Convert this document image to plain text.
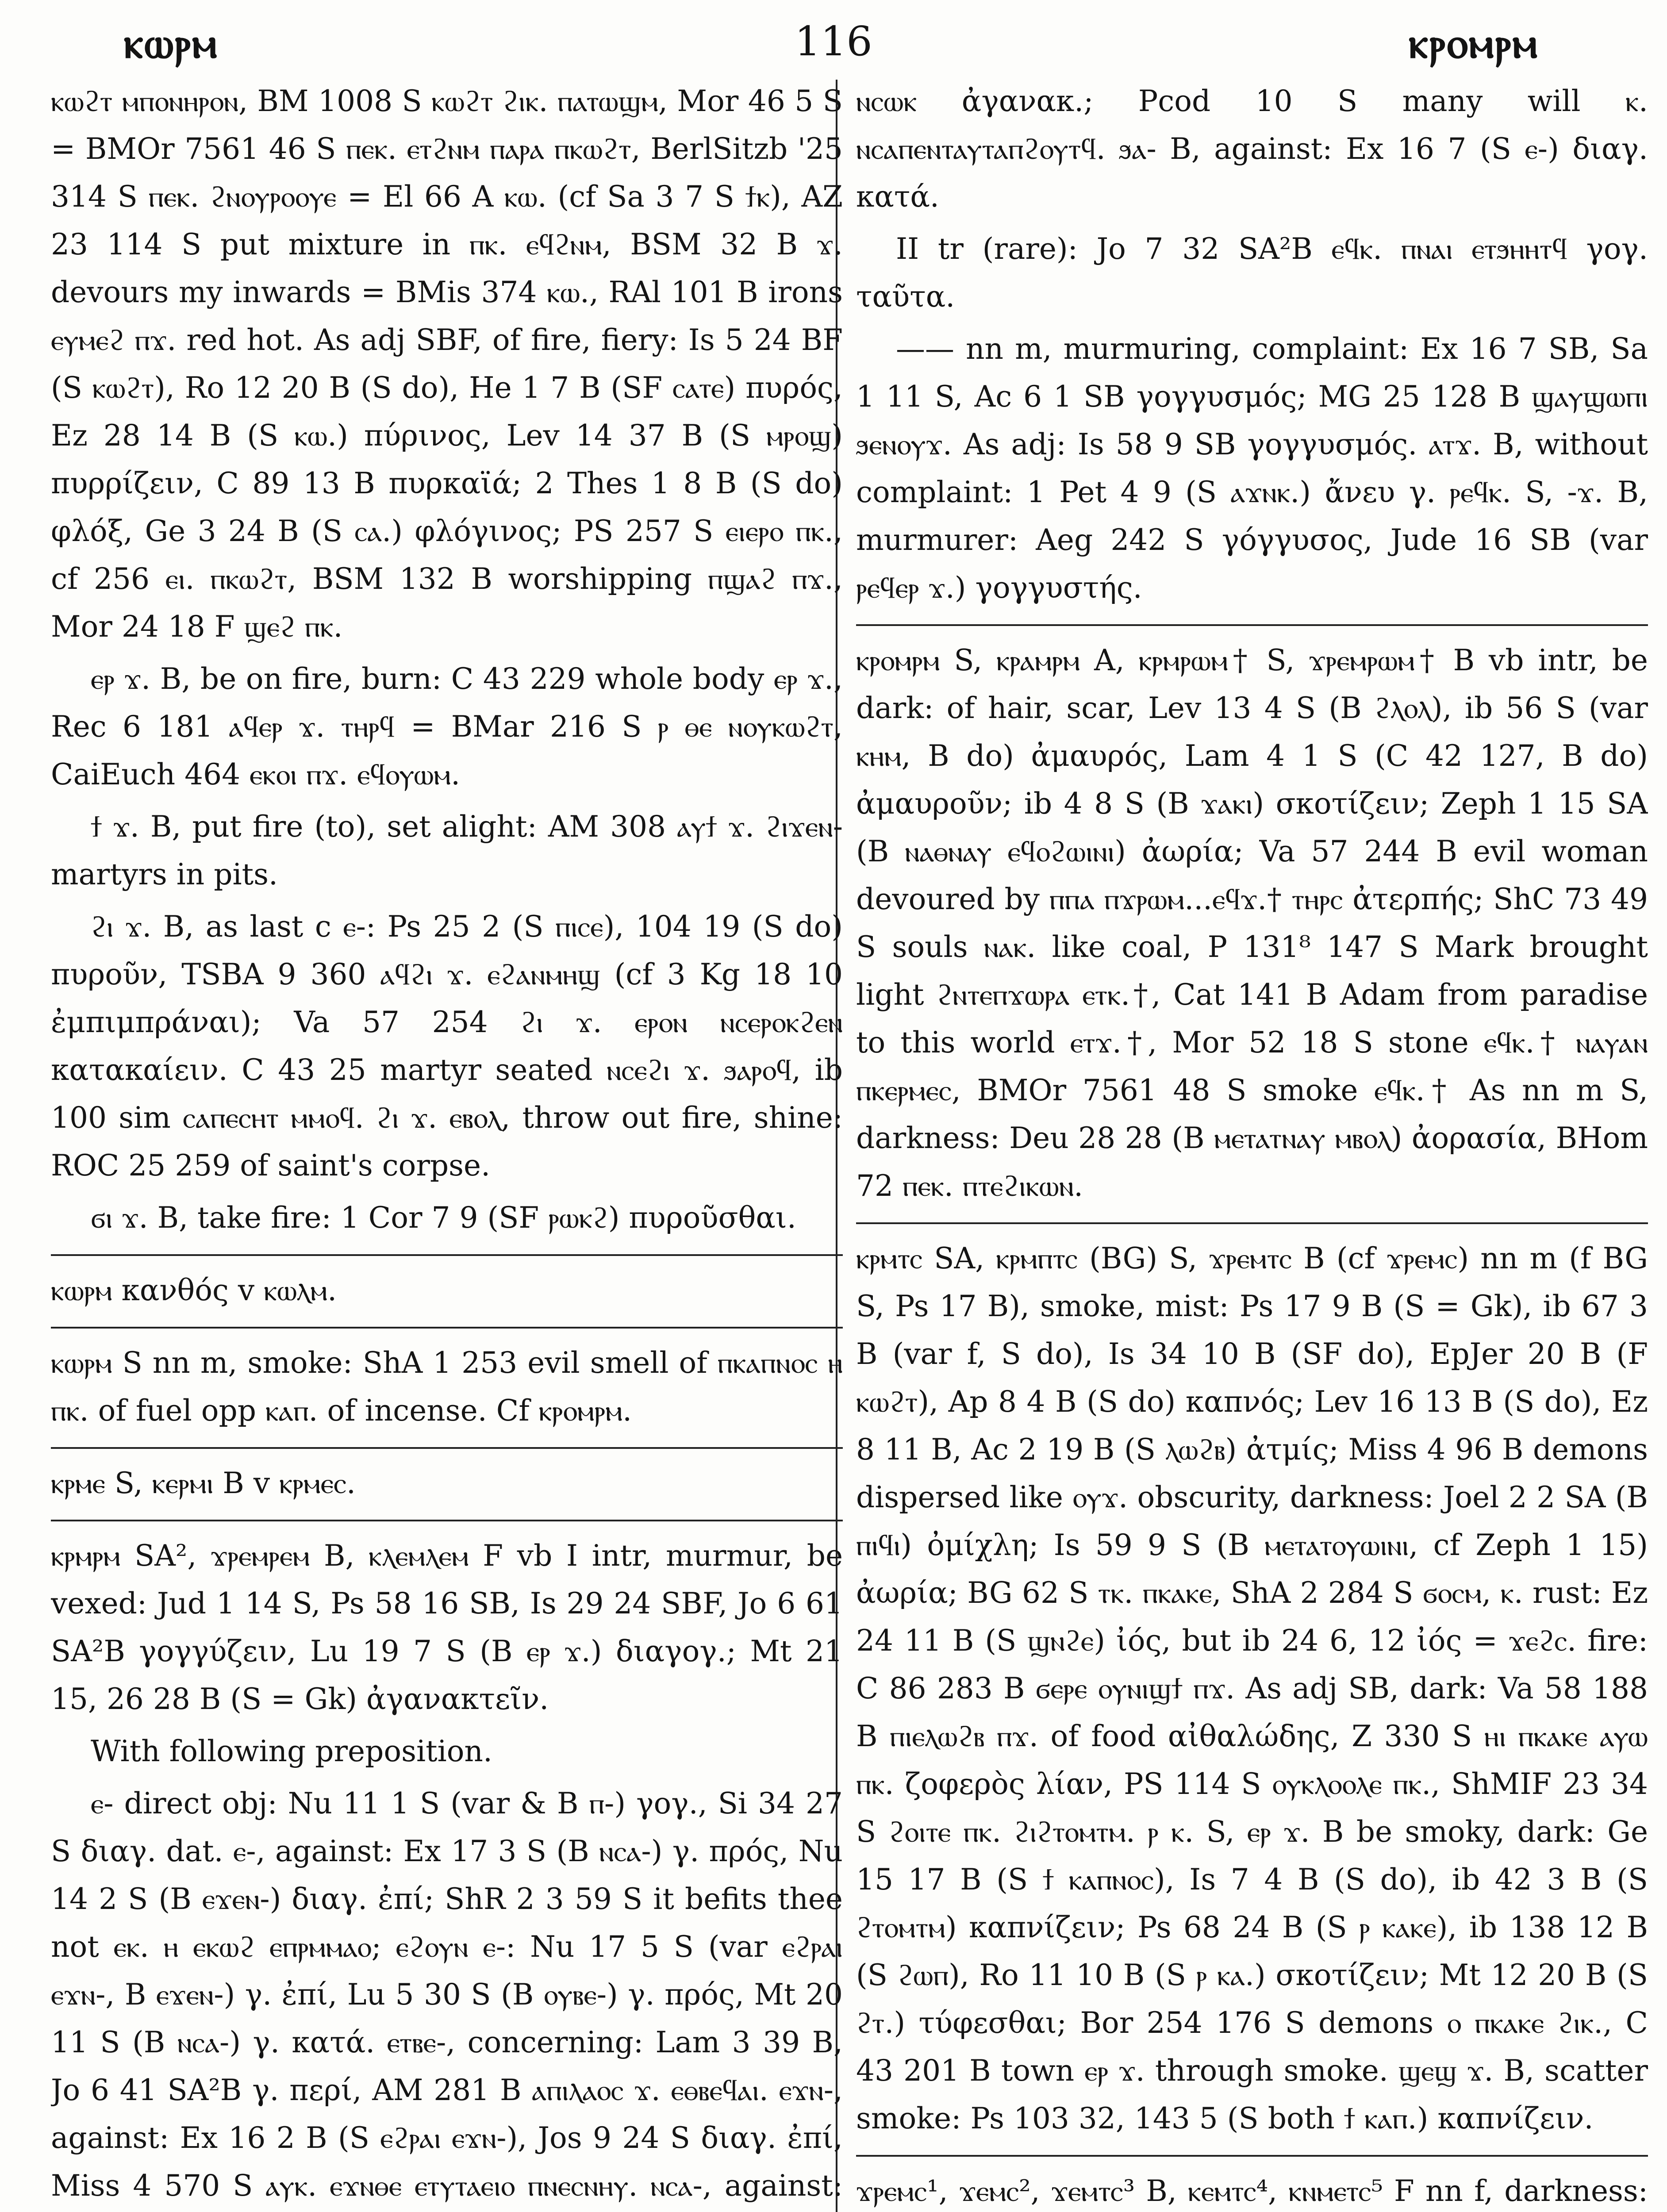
ⲕⲱⲣⲙ	116	ⲕⲣⲟⲙⲣⲙ

ⲕⲱϩⲧ ⲙⲡⲟⲛⲏⲣⲟⲛ, BM 1008 S ⲕⲱϩⲧ ϩⲓⲕ. ⲡⲁⲧⲱϣⲙ, Mor 46 5 S = BMOr 7561 46 S ⲡⲉⲕ. ⲉⲧϩⲛⲙ ⲡⲁⲣⲁ ⲡⲕⲱϩⲧ, BerlSitzb '25 314 S ⲡⲉⲕ. ϩⲛⲟⲩⲣⲟⲟⲩⲉ = El 66 A ⲕⲱ. (cf Sa 3 7 S ϯⲕ), AZ 23 114 S put mixture in ⲡⲕ. ⲉϥϩⲛⲙ, BSM 32 B ϫ. devours my inwards = BMis 374 ⲕⲱ., RAl 101 B irons ⲉⲩⲙⲉϩ ⲡϫ. red hot. As adj SBF, of fire, fiery: Is 5 24 BF (S ⲕⲱϩⲧ), Ro 12 20 B (S do), He 1 7 B (SF ⲥⲁⲧⲉ) πυρός, Ez 28 14 B (S ⲕⲱ.) πύρινος, Lev 14 37 B (S ⲙⲣⲟϣ) πυρρίζειν, C 89 13 B πυρκαϊά; 2 Thes 1 8 B (S do) φλόξ, Ge 3 24 B (S ⲥⲁ.) φλόγινος; PS 257 S ⲉⲓⲉⲣⲟ ⲡⲕ., cf 256 ⲉⲓ. ⲡⲕⲱϩⲧ, BSM 132 B worshipping ⲡϣⲁϩ ⲡϫ., Mor 24 18 F ϣⲉϩ ⲡⲕ.

ⲉⲣ ϫ. B, be on fire, burn: C 43 229 whole body ⲉⲣ ϫ., Rec 6 181 ⲁϥⲉⲣ ϫ. ⲧⲏⲣϥ = BMar 216 S ⲣ ⲑⲉ ⲛⲟⲩⲕⲱϩⲧ, CaiEuch 464 ⲉⲕⲟⲓ ⲡϫ. ⲉϥⲟⲩⲱⲙ.

ϯ ϫ. B, put fire (to), set alight: AM 308 ⲁⲩϯ ϫ. ϩⲓϫⲉⲛ- martyrs in pits.

ϩⲓ ϫ. B, as last c ⲉ-: Ps 25 2 (S ⲡⲓⲥⲉ), 104 19 (S do) πυροῦν, TSBA 9 360 ⲁϥϩⲓ ϫ. ⲉϩⲁⲛⲙⲏϣ (cf 3 Kg 18 10 ἐμπιμπράναι); Va 57 254 ϩⲓ ϫ. ⲉⲣⲟⲛ ⲛⲥⲉⲣⲟⲕϩⲉⲛ κατακαίειν. C 43 25 martyr seated ⲛⲥⲉϩⲓ ϫ. ϧⲁⲣⲟϥ, ib 100 sim ⲥⲁⲡⲉⲥⲏⲧ ⲙⲙⲟϥ. ϩⲓ ϫ. ⲉⲃⲟⲗ, throw out fire, shine: ROC 25 259 of saint's corpse.

ϭⲓ ϫ. B, take fire: 1 Cor 7 9 (SF ⲣⲱⲕϩ) πυροῦσθαι.

ⲕⲱⲣⲙ κανθός v ⲕⲱⲗⲙ.

ⲕⲱⲣⲙ S nn m, smoke: ShA 1 253 evil smell of ⲡⲕⲁⲡⲛⲟⲥ ⲏ ⲡⲕ. of fuel opp ⲕⲁⲡ. of incense. Cf ⲕⲣⲟⲙⲣⲙ.

ⲕⲣⲙⲉ S, ⲕⲉⲣⲙⲓ B v ⲕⲣⲙⲉⲥ.

ⲕⲣⲙⲣⲙ SA², ϫⲣⲉⲙⲣⲉⲙ B, ⲕⲗⲉⲙⲗⲉⲙ F vb I intr, murmur, be vexed: Jud 1 14 S, Ps 58 16 SB, Is 29 24 SBF, Jo 6 61 SA²B γογγύζειν, Lu 19 7 S (B ⲉⲣ ϫ.) διαγογ.; Mt 21 15, 26 28 B (S = Gk) ἀγανακτεῖν.

With following preposition.

ⲉ- direct obj: Nu 11 1 S (var & B ⲡ-) γογ., Si 34 27 S διαγ. dat. ⲉ-, against: Ex 17 3 S (B ⲛⲥⲁ-) γ. πρός, Nu 14 2 S (B ⲉϫⲉⲛ-) διαγ. ἐπί; ShR 2 3 59 S it befits thee not ⲉⲕ. ⲏ ⲉⲕⲱϩ ⲉⲡⲣⲙⲙⲁⲟ; ⲉϩⲟⲩⲛ ⲉ-: Nu 17 5 S (var ⲉϩⲣⲁⲓ ⲉϫⲛ-, B ⲉϫⲉⲛ-) γ. ἐπί, Lu 5 30 S (B ⲟⲩⲃⲉ-) γ. πρός, Mt 20 11 S (B ⲛⲥⲁ-) γ. κατά. ⲉⲧⲃⲉ-, concerning: Lam 3 39 B, Jo 6 41 SA²B γ. περί, AM 281 B ⲁⲡⲓⲗⲁⲟⲥ ϫ. ⲉⲑⲃⲉϥⲁⲓ. ⲉϫⲛ-, against: Ex 16 2 B (S ⲉϩⲣⲁⲓ ⲉϫⲛ-), Jos 9 24 S διαγ. ἐπί, Miss 4 570 S ⲁⲩⲕ. ⲉϫⲛⲑⲉ ⲉⲧⲩⲧⲁⲉⲓⲟ ⲡⲛⲉⲥⲛⲏⲩ. ⲛⲥⲁ-, against:

ⲛⲥⲱⲕ ἀγανακ.; Pcod 10 S many will ⲕ. ⲛⲥⲁⲡⲉⲛⲧⲁⲩⲧⲁⲡϩⲟⲩⲧϥ. ϧⲁ- B, against: Ex 16 7 (S ⲉ-) διαγ. κατά.

II tr (rare): Jo 7 32 SA²B ⲉϥⲕ. ⲡⲛⲁⲓ ⲉⲧϧⲏⲏⲧϥ γογ. ταῦτα.

—— nn m, murmuring, complaint: Ex 16 7 SB, Sa 1 11 S, Ac 6 1 SB γογγυσμός; MG 25 128 B ϣⲁⲩϣⲱⲡⲓ ϧⲉⲛⲟⲩϫ. As adj: Is 58 9 SB γογγυσμός. ⲁⲧϫ. B, without complaint: 1 Pet 4 9 (S ⲁϫⲛⲕ.) ἄνευ γ. ⲣⲉϥⲕ. S, -ϫ. B, murmurer: Aeg 242 S γόγγυσος, Jude 16 SB (var ⲣⲉϥⲉⲣ ϫ.) γογγυστής.

ⲕⲣⲟⲙⲣⲙ S, ⲕⲣⲁⲙⲣⲙ A, ⲕⲣⲙⲣⲱⲙ† S, ϫⲣⲉⲙⲣⲱⲙ† B vb intr, be dark: of hair, scar, Lev 13 4 S (B ϩⲗⲟⲗ), ib 56 S (var ⲕⲏⲙ, B do) ἀμαυρός, Lam 4 1 S (C 42 127, B do) ἀμαυροῦν; ib 4 8 S (B ϫⲁⲕⲓ) σκοτίζειν; Zeph 1 15 SA (B ⲛⲁⲑⲛⲁⲩ ⲉϥⲟϩⲱⲓⲛⲓ) ἀωρία; Va 57 244 B evil woman devoured by ⲡⲡⲁ ⲡϫⲣⲱⲙ...ⲉϥϫ.† ⲧⲏⲣⲥ ἀτερπής; ShC 73 49 S souls ⲛⲁⲕ. like coal, P 131⁸ 147 S Mark brought light ϩⲛⲧⲉⲡϫⲱⲣⲁ ⲉⲧⲕ.†, Cat 141 B Adam from paradise to this world ⲉⲧϫ.†, Mor 52 18 S stone ⲉϥⲕ.† ⲛⲁⲩⲁⲛ ⲡⲕⲉⲣⲙⲉⲥ, BMOr 7561 48 S smoke ⲉϥⲕ.† As nn m S, darkness: Deu 28 28 (B ⲙⲉⲧⲁⲧⲛⲁⲩ ⲙⲃⲟⲗ) ἀορασία, BHom 72 ⲡⲉⲕ. ⲡⲧⲉϩⲓⲕⲱⲛ.

ⲕⲣⲙⲧⲥ SA, ⲕⲣⲙⲡⲧⲥ (BG) S, ϫⲣⲉⲙⲧⲥ B (cf ϫⲣⲉⲙⲥ) nn m (f BG S, Ps 17 B), smoke, mist: Ps 17 9 B (S = Gk), ib 67 3 B (var f, S do), Is 34 10 B (SF do), EpJer 20 B (F ⲕⲱϩⲧ), Ap 8 4 B (S do) καπνός; Lev 16 13 B (S do), Ez 8 11 B, Ac 2 19 B (S ⲗⲱϩⲃ) ἀτμίς; Miss 4 96 B demons dispersed like ⲟⲩϫ. obscurity, darkness: Joel 2 2 SA (B ⲡⲓϥⲓ) ὀμίχλη; Is 59 9 S (B ⲙⲉⲧⲁⲧⲟⲩⲱⲓⲛⲓ, cf Zeph 1 15) ἀωρία; BG 62 S ⲧⲕ. ⲡⲕⲁⲕⲉ, ShA 2 284 S ϭⲟⲥⲙ, ⲕ. rust: Ez 24 11 B (S ϣⲛϩⲉ) ἰός, but ib 24 6, 12 ἰός = ϫⲉϩⲥ. fire: C 86 283 B ϭⲉⲣⲉ ⲟⲩⲛⲓϣϯ ⲡϫ. As adj SB, dark: Va 58 188 B ⲡⲓⲉⲗⲱϩⲃ ⲡϫ. of food αἰθαλώδης, Z 330 S ⲏⲓ ⲡⲕⲁⲕⲉ ⲁⲩⲱ ⲡⲕ. ζοφερὸς λίαν, PS 114 S ⲟⲩⲕⲗⲟⲟⲗⲉ ⲡⲕ., ShMIF 23 34 S ϩⲟⲓⲧⲉ ⲡⲕ. ϩⲓϩⲧⲟⲙⲧⲙ. ⲣ ⲕ. S, ⲉⲣ ϫ. B be smoky, dark: Ge 15 17 B (S ϯ ⲕⲁⲡⲛⲟⲥ), Is 7 4 B (S do), ib 42 3 B (S ϩⲧⲟⲙⲧⲙ) καπνίζειν; Ps 68 24 B (S ⲣ ⲕⲁⲕⲉ), ib 138 12 B (S ϩⲱⲡ), Ro 11 10 B (S ⲣ ⲕⲁ.) σκοτίζειν; Mt 12 20 B (S ϩⲧ.) τύφεσθαι; Bor 254 176 S demons ⲟ ⲡⲕⲁⲕⲉ ϩⲓⲕ., C 43 201 B town ⲉⲣ ϫ. through smoke. ϣⲉϣ ϫ. B, scatter smoke: Ps 103 32, 143 5 (S both ϯ ⲕⲁⲡ.) καπνίζειν.

ϫⲣⲉⲙⲥ¹, ϫⲉⲙⲥ², ϫⲉⲙⲧⲥ³ B, ⲕⲉⲙⲧⲥ⁴, ⲕⲛⲙⲉⲧⲥ⁵ F nn f, darkness:
